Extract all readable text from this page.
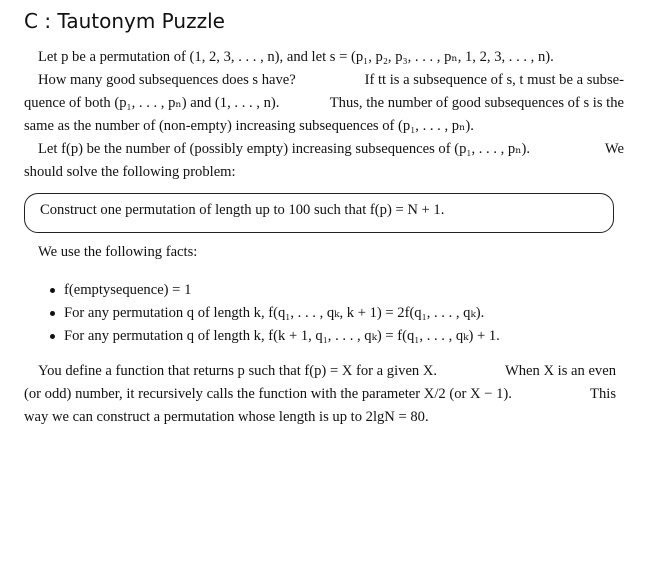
C : Tautonym Puzzle
Let p be a permutation of (1, 2, 3, . . . , n), and let s = (p₁, p₂, p₃, . . . , pₙ, 1, 2, 3, . . . , n).
How many good subsequences does s have?	If tt is a subsequence of s, t must be a subse-
quence of both (p₁, . . . , pₙ) and (1, . . . , n).	Thus, the number of good subsequences of s is the
same as the number of (non-empty) increasing subsequences of (p₁, . . . , pₙ).
Let f(p) be the number of (possibly empty) increasing subsequences of (p₁, . . . , pₙ).	We
should solve the following problem:
Construct one permutation of length up to 100 such that f(p) = N + 1.
We use the following facts:
f(emptysequence) = 1
For any permutation q of length k, f(q₁, . . . , qₖ, k + 1) = 2f(q₁, . . . , qₖ).
For any permutation q of length k, f(k + 1, q₁, . . . , qₖ) = f(q₁, . . . , qₖ) + 1.
You define a function that returns p such that f(p) = X for a given X.	When X is an even
(or odd) number, it recursively calls the function with the parameter X/2 (or X − 1).	This
way we can construct a permutation whose length is up to 2lgN = 80.
